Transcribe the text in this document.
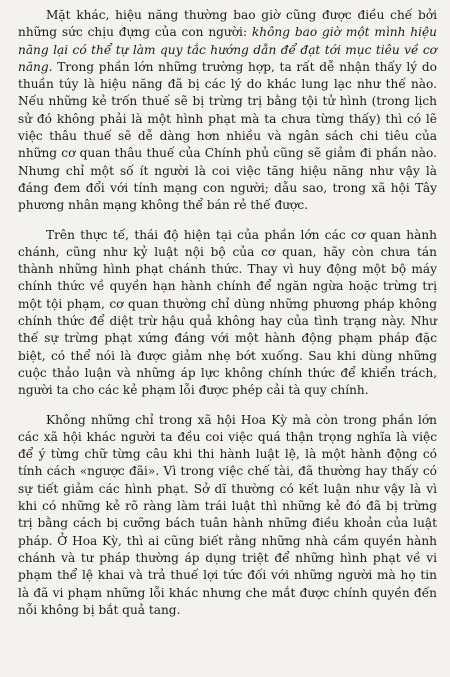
Mặt khác, hiệu năng thường bao giờ cũng được điều chế bởi những sức chịu đựng của con người: không bao giờ một mình hiệu năng lại có thể tự làm quy tắc hướng dẫn để đạt tới mục tiêu về cơ năng. Trong phần lớn những trường hợp, ta rất dễ nhận thấy lý do thuần túy là hiệu năng đã bị các lý do khác lung lạc như thế nào. Nếu những kẻ trốn thuế sẽ bị trừng trị bằng tội tử hình (trong lịch sử đó không phải là một hình phạt mà ta chưa từng thấy) thì có lẽ việc thâu thuế sẽ dễ dàng hơn nhiều và ngân sách chi tiêu của những cơ quan thâu thuế của Chính phủ cũng sẽ giảm đi phần nào. Nhưng chỉ một số ít người là coi việc tăng hiệu năng như vậy là đáng đem đổi với tính mạng con người; dẫu sao, trong xã hội Tây phương nhân mạng không thể bán rẻ thế được.

Trên thực tế, thái độ hiện tại của phần lớn các cơ quan hành chánh, cũng như kỷ luật nội bộ của cơ quan, hãy còn chưa tán thành những hình phạt chánh thức. Thay vì huy động một bộ máy chính thức về quyền hạn hành chính để ngăn ngừa hoặc trừng trị một tội phạm, cơ quan thường chỉ dùng những phương pháp không chính thức để diệt trừ hậu quả không hay của tình trạng này. Như thế sự trừng phạt xứng đáng với một hành động phạm pháp đặc biệt, có thể nói là được giảm nhẹ bớt xuống. Sau khi dùng những cuộc thảo luận và những áp lực không chính thức để khiển trách, người ta cho các kẻ phạm lỗi được phép cải tà quy chính.

Không những chỉ trong xã hội Hoa Kỳ mà còn trong phần lớn các xã hội khác người ta đều coi việc quá thận trọng nghĩa là việc để ý từng chữ từng câu khi thi hành luật lệ, là một hành động có tính cách «ngược đãi». Vì trong việc chế tài, đã thường hay thấy có sự tiết giảm các hình phạt. Sở dĩ thường có kết luận như vậy là vì khi có những kẻ rõ ràng làm trái luật thì những kẻ đó đã bị trừng trị bằng cách bị cưỡng bách tuân hành những điều khoản của luật pháp. Ở Hoa Kỳ, thì ai cũng biết rằng những nhà cầm quyền hành chánh và tư pháp thường áp dụng triệt để những hình phạt về vi phạm thể lệ khai và trả thuế lợi tức đối với những người mà họ tin là đã vi phạm những lỗi khác nhưng che mắt được chính quyền đến nỗi không bị bắt quả tang.
